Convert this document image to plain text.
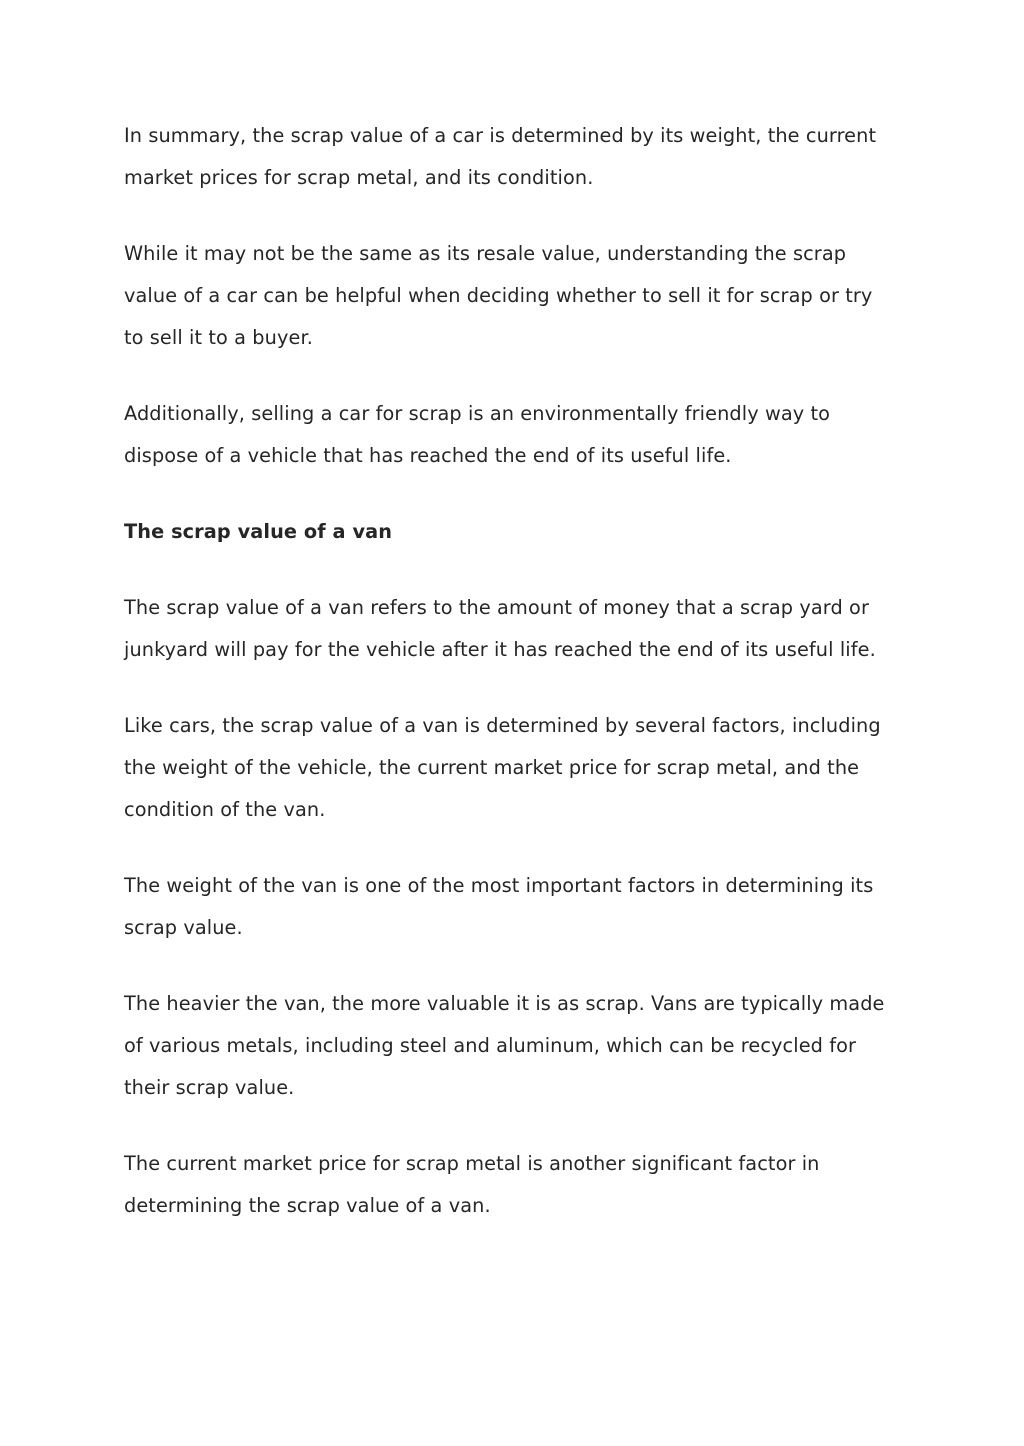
In summary, the scrap value of a car is determined by its weight, the current
market prices for scrap metal, and its condition.

While it may not be the same as its resale value, understanding the scrap
value of a car can be helpful when deciding whether to sell it for scrap or try
to sell it to a buyer.

Additionally, selling a car for scrap is an environmentally friendly way to
dispose of a vehicle that has reached the end of its useful life.

The scrap value of a van

The scrap value of a van refers to the amount of money that a scrap yard or
junkyard will pay for the vehicle after it has reached the end of its useful life.

Like cars, the scrap value of a van is determined by several factors, including
the weight of the vehicle, the current market price for scrap metal, and the
condition of the van.

The weight of the van is one of the most important factors in determining its
scrap value.

The heavier the van, the more valuable it is as scrap. Vans are typically made
of various metals, including steel and aluminum, which can be recycled for
their scrap value.

The current market price for scrap metal is another significant factor in
determining the scrap value of a van.
